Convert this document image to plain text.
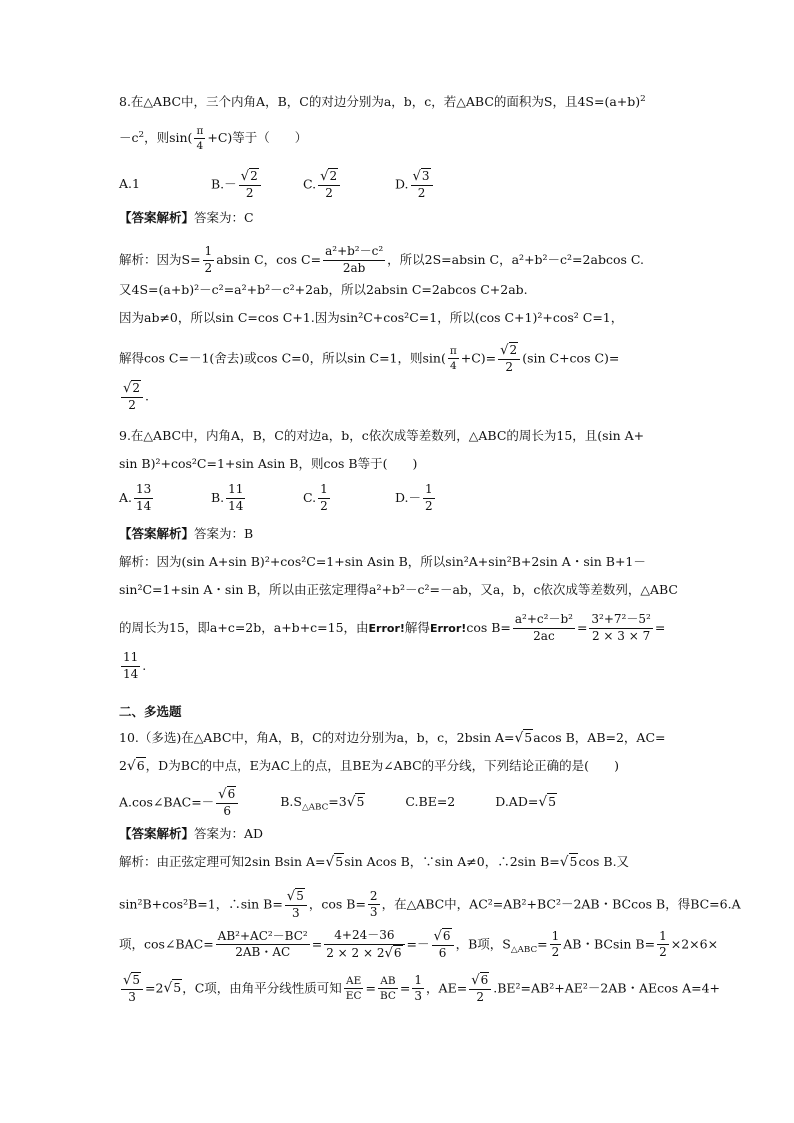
8.在△ABC中，三个内角A，B，C的对边分别为a，b，c，若△ABC的面积为S，且$4S=(a+b)^2$
$-c^2$，则$\sin( \frac{\pi}{4} +C)$等于（　　）
A.1	$B.- \frac{√2}{2}$	C. $\frac{√2}{2}$	D. $\frac{√3}{2}$
【答案解析】答案为：C
解析：因为$S= \frac{1}{2}$ absin C，$\cos C= \frac{\text{a²+b²－c²}}{2ab}$ ，所以2S=absin C，a²+b²－c²=2abcos C.
又4S=(a+b)²－c²=a²+b²－c²+2ab，所以2absin C=2abcos C+2ab.
因为ab≠0，所以sin C=cos C+1.因为sin²C+cos²C=1，所以(cos C+1)²+cos² C=1，
解得cos C=－1(舍去)或cos C=0，所以sin C=1，则$\sin( \frac{\pi}{4} +C)= \frac{√2}{2} (\sin$ C+cos C)=
$\frac{√2}{2}$ .
9.在△ABC中，内角A，B，C的对边a，b，c依次成等差数列，△ABC的周长为15，且(sin A+
sin B)²+cos²C=1+sin Asin B，则cos B等于(　　)
A. $\frac{13}{14}$	B. $\frac{11}{14}$	C. $\frac{1}{2}$	$D.- \frac{1}{2}$
【答案解析】答案为：B
解析：因为(sin A+sin B)²+cos²C=1+sin Asin B，所以sin²A+sin²B+2sin A・sin B+1－
sin²C=1+sin A・sin B，所以由正弦定理得a²+b²－c²=－ab，又a，b，c依次成等差数列，△ABC
的周长为15，即a+c=2b，a+b+c=15，由Error!解得Error!cos $B= \frac{\text{a²+c²－b²}}{2ac} = \frac{\text{3²+7²－5²}}{2 \times 3 \times 7}$ =
$\frac{11}{14}$ .
二、多选题
10.（多选)在△ABC中，角A，B，C的对边分别为a，b，c，2bsin A=√5acos B，AB=2，AC=
2√6，D为BC的中点，E为AC上的点，且BE为∠ABC的平分线，下列结论正确的是(　　)
A.cos∠BAC=－ $\frac{√6}{6}$	$B.S_{\triangle ABC}=3√5$	C.BE=2	D.AD=√5
【答案解析】答案为：AD
解析：由正弦定理可知2sin Bsin A=√5sin Acos B，∵sin A≠0，∴2sin B=√5cos B.又
sin²B+cos²B=1，∴sin $B= \frac{√5}{3}$ ，$\cos B= \frac{2}{3}$ ，在△ABC中，AC²=AB²+BC²－2AB・BCcos B，得BC=6.A
项，cos∠BAC= $\frac{\text{AB²+AC²－BC²}}{2AB・AC} = \frac{4+24-36}{2 \times 2 \times 2√6} =- \frac{√6}{6}$ ，B项，$S_{\triangle ABC}= \frac{1}{2}$ AB・BCsin $B= \frac{1}{2} \times 2\times 6\times$
$\frac{√5}{3} =2√5$，C项，由角平分线性质可知 $\frac{AE}{EC} = \frac{AB}{BC} = \frac{1}{3}$ ，$AE= \frac{√6}{2} .BE^2=AB^2+AE^2-2AB$・AEcos A=4+
